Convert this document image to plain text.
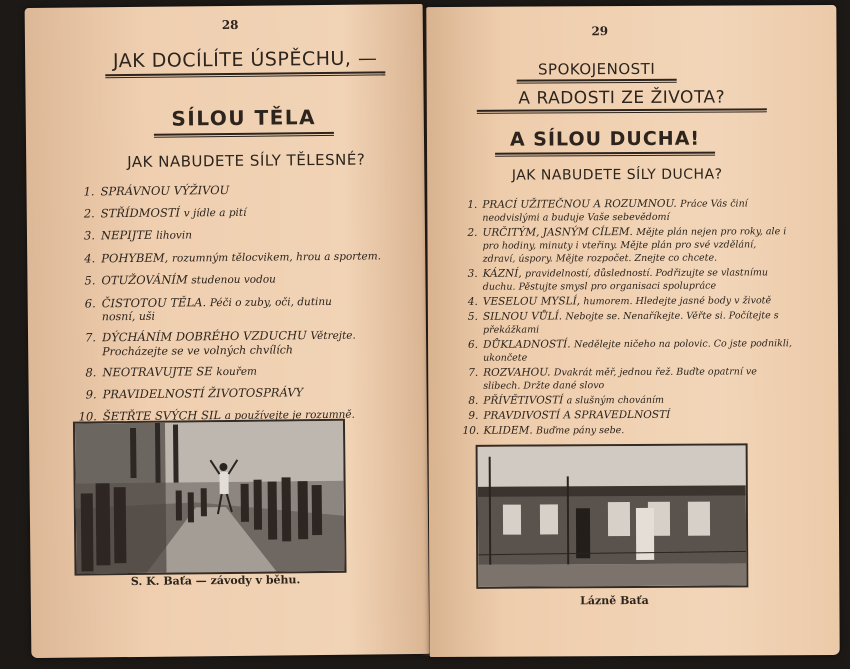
28
JAK DOCÍLÍTE ÚSPĚCHU, —
SÍLOU TĚLA
JAK NABUDETE SÍLY TĚLESNÉ?
1. SPRÁVNOU VÝŽIVOU
2. STŘÍDMOSTÍ v jídle a pití
3. NEPIJTE lihovin
4. POHYBEM, rozumným tělocvikem, hrou a sportem.
5. OTUŽOVÁNÍM studenou vodou
6. ČISTOTOU TĚLA. Péči o zuby, oči, dutinu
nosní, uši
7. DÝCHÁNÍM DOBRÉHO VZDUCHU Větrejte.
Procházejte se ve volných chvílích
8. NEOTRAVUJTE SE kouřem
9. PRAVIDELNOSTÍ ŽIVOTOSPRÁVY
10. ŠETŘTE SVÝCH SIL a používejte je rozumně.
S. K. Baťa — závody v běhu.
29
SPOKOJENOSTI
A RADOSTI ZE ŽIVOTA?
A SÍLOU DUCHA!
JAK NABUDETE SÍLY DUCHA?
1. PRACÍ UŽITEČNOU A ROZUMNOU. Práce Vás činí neodvislými a buduje Vaše sebevědomí
2. URČITÝM, JASNÝM CÍLEM. Mějte plán nejen pro roky, ale i pro hodiny, minuty i vteřiny. Mějte plán pro své vzdělání, zdraví, úspory. Mějte rozpočet. Znejte co chcete.
3. KÁZNÍ, pravidelností, důsledností. Podřizujte se vlastnímu duchu. Pěstujte smysl pro organisaci spolupráce
4. VESELOU MYSLÍ, humorem. Hledejte jasné body v životě
5. SILNOU VŮLÍ. Nebojte se. Nenaříkejte. Věřte si. Počítejte s překážkami
6. DŮKLADNOSTÍ. Nedělejte ničeho na polovic. Co jste podnikli, ukončete
7. ROZVAHOU. Dvakrát měř, jednou řež. Buďte opatrní ve slibech. Držte dané slovo
8. PŘÍVĚTIVOSTÍ a slušným chováním
9. PRAVDIVOSTÍ A SPRAVEDLNOSTÍ
10. KLIDEM. Buďme pány sebe.
Lázně Baťa
